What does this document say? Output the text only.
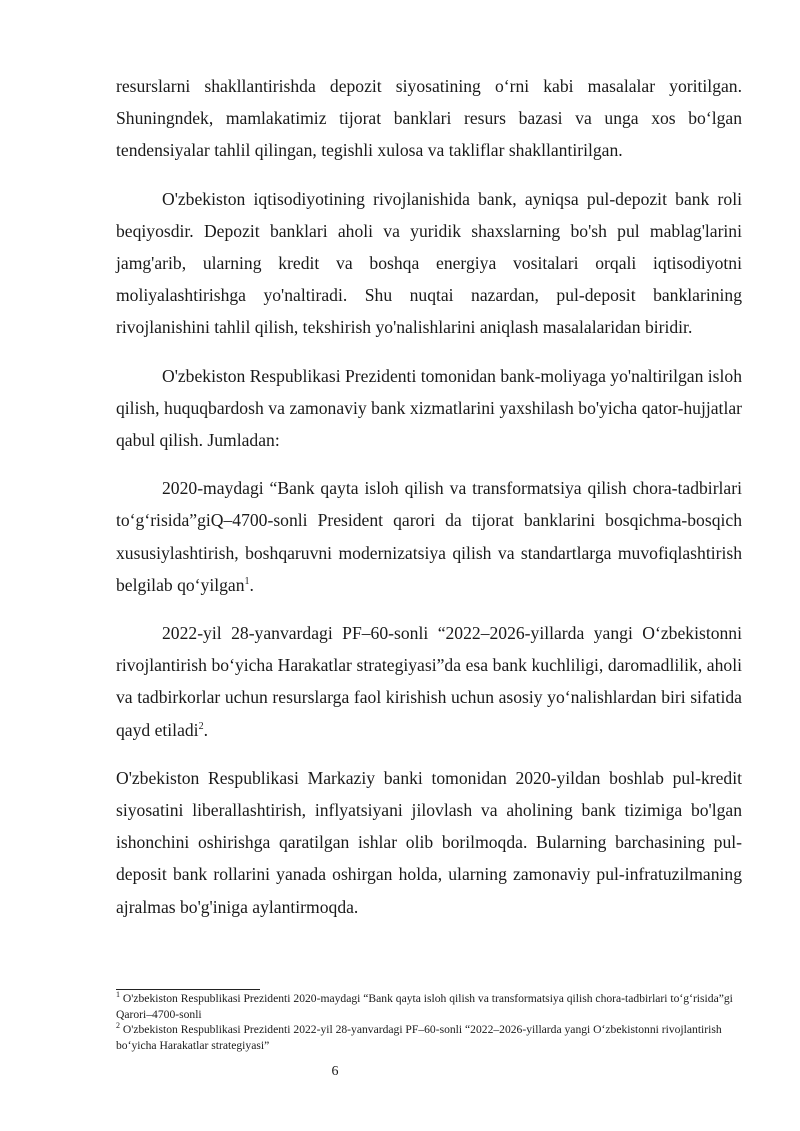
resurslarni shakllantirishda depozit siyosatining o‘rni kabi masalalar yoritilgan. Shuningndek, mamlakatimiz tijorat banklari resurs bazasi va unga xos bo‘lgan tendensiyalar tahlil qilingan, tegishli xulosa va takliflar shakllantirilgan.

O'zbekiston iqtisodiyotining rivojlanishida bank, ayniqsa pul-depozit bank roli beqiyosdir. Depozit banklari aholi va yuridik shaxslarning bo'sh pul mablag'larini jamg'arib, ularning kredit va boshqa energiya vositalari orqali iqtisodiyotni moliyalashtirishga yo'naltiradi. Shu nuqtai nazardan, pul-deposit banklarining rivojlanishini tahlil qilish, tekshirish yo'nalishlarini aniqlash masalalaridan biridir.

O'zbekiston Respublikasi Prezidenti tomonidan bank-moliyaga yo'naltirilgan isloh qilish, huquqbardosh va zamonaviy bank xizmatlarini yaxshilash bo'yicha qator-hujjatlar qabul qilish. Jumladan:

2020-maydagi “Bank qayta isloh qilish va transformatsiya qilish chora-tadbirlari to‘g‘risida”giQ–4700-sonli President qarori da tijorat banklarini bosqichma-bosqich xususiylashtirish, boshqaruvni modernizatsiya qilish va standartlarga muvofiqlashtirish belgilab qo‘yilgan$^1$.

2022-yil 28-yanvardagi PF–60-sonli “2022–2026-yillarda yangi O‘zbekistonni rivojlantirish bo‘yicha Harakatlar strategiyasi”da esa bank kuchliligi, daromadlilik, aholi va tadbirkorlar uchun resurslarga faol kirishish uchun asosiy yo‘nalishlardan biri sifatida qayd etiladi$^2$.

O'zbekiston Respublikasi Markaziy banki tomonidan 2020-yildan boshlab pul-kredit siyosatini liberallashtirish, inflyatsiyani jilovlash va aholining bank tizimiga bo'lgan ishonchini oshirishga qaratilgan ishlar olib borilmoqda. Bularning barchasining pul-deposit bank rollarini yanada oshirgan holda, ularning zamonaviy pul-infratuzilmaning ajralmas bo'g'iniga aylantirmoqda.

$^1$ O'zbekiston Respublikasi Prezidenti 2020-maydagi “Bank qayta isloh qilish va transformatsiya qilish chora-tadbirlari to‘g‘risida”gi Qarori–4700-sonli

$^2$ O'zbekiston Respublikasi Prezidenti 2022-yil 28-yanvardagi PF–60-sonli “2022–2026-yillarda yangi O‘zbekistonni rivojlantirish bo‘yicha Harakatlar strategiyasi”

6
